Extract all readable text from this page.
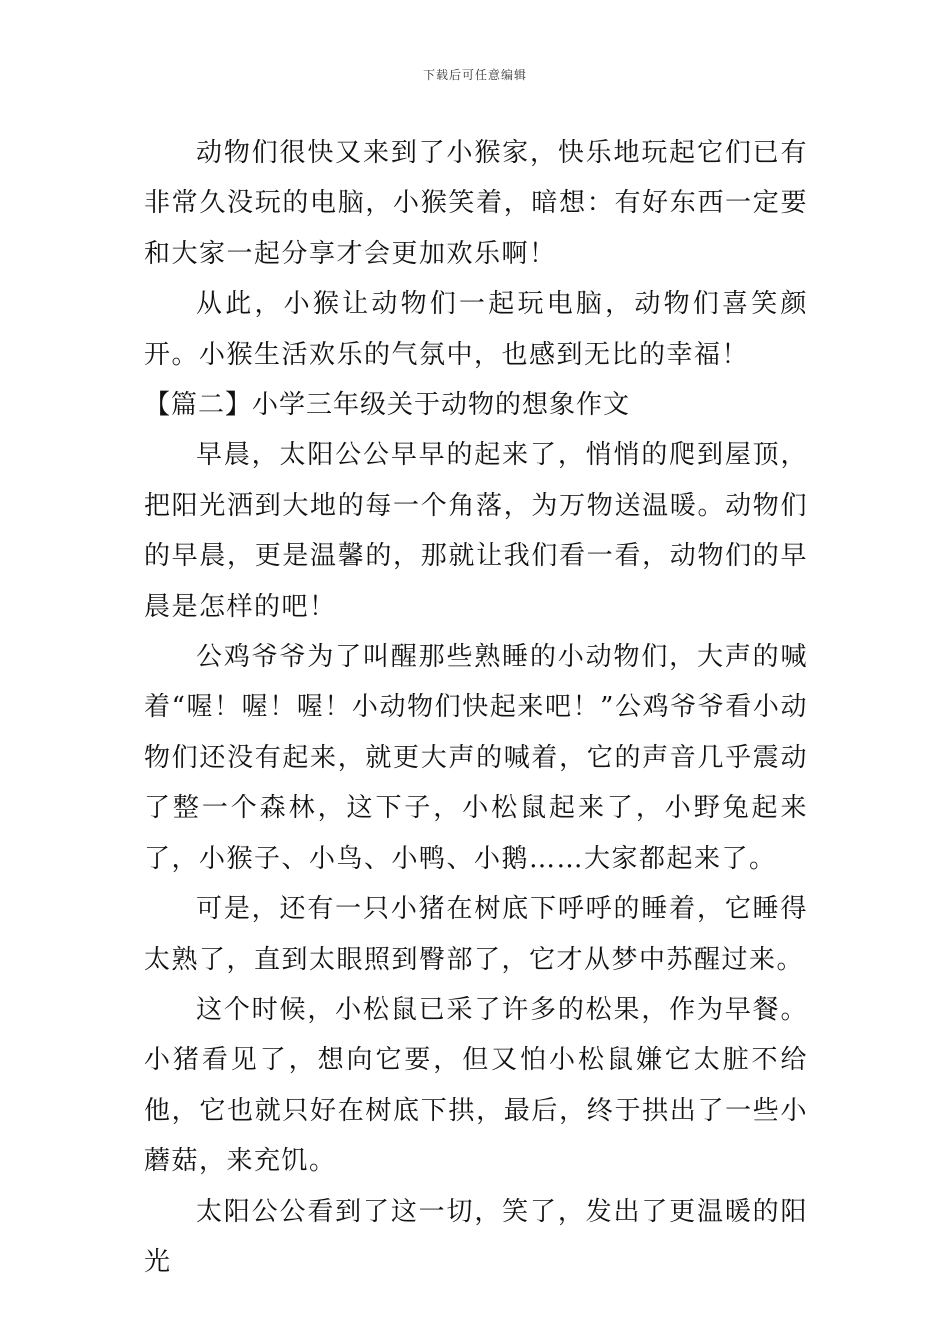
下载后可任意编辑

动物们很快又来到了小猴家，快乐地玩起它们已有非常久没玩的电脑，小猴笑着，暗想：有好东西一定要和大家一起分享才会更加欢乐啊！

从此，小猴让动物们一起玩电脑，动物们喜笑颜开。小猴生活欢乐的气氛中，也感到无比的幸福！

【篇二】小学三年级关于动物的想象作文

早晨，太阳公公早早的起来了，悄悄的爬到屋顶，把阳光洒到大地的每一个角落，为万物送温暖。动物们的早晨，更是温馨的，那就让我们看一看，动物们的早晨是怎样的吧！

公鸡爷爷为了叫醒那些熟睡的小动物们，大声的喊着“喔！喔！喔！小动物们快起来吧！”公鸡爷爷看小动物们还没有起来，就更大声的喊着，它的声音几乎震动了整一个森林，这下子，小松鼠起来了，小野兔起来了，小猴子、小鸟、小鸭、小鹅……大家都起来了。

可是，还有一只小猪在树底下呼呼的睡着，它睡得太熟了，直到太眼照到臀部了，它才从梦中苏醒过来。

这个时候，小松鼠已采了许多的松果，作为早餐。小猪看见了，想向它要，但又怕小松鼠嫌它太脏不给他，它也就只好在树底下拱，最后，终于拱出了一些小蘑菇，来充饥。

太阳公公看到了这一切，笑了，发出了更温暖的阳光
